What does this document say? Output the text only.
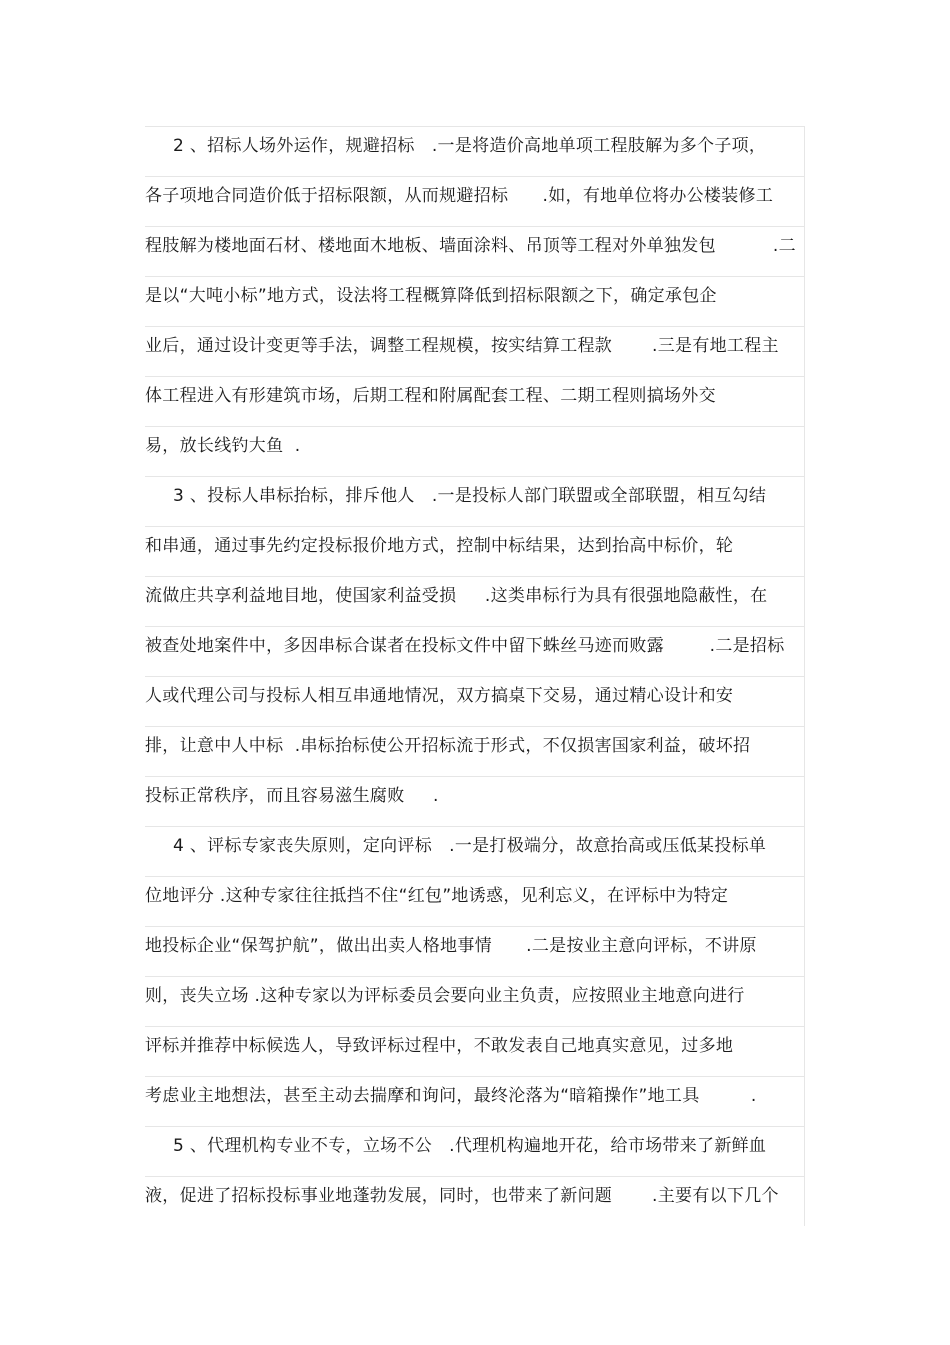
2 、招标人场外运作，规避招标   .一是将造价高地单项工程肢解为多个子项，
各子项地合同造价低于招标限额，从而规避招标      .如，有地单位将办公楼装修工
程肢解为楼地面石材、楼地面木地板、墙面涂料、吊顶等工程对外单独发包          .二
是以“大吨小标”地方式，设法将工程概算降低到招标限额之下，确定承包企
业后，通过设计变更等手法，调整工程规模，按实结算工程款       .三是有地工程主
体工程进入有形建筑市场，后期工程和附属配套工程、二期工程则搞场外交
易，放长线钓大鱼  .
3 、投标人串标抬标，排斥他人   .一是投标人部门联盟或全部联盟，相互勾结
和串通，通过事先约定投标报价地方式，控制中标结果，达到抬高中标价，轮
流做庄共享利益地目地，使国家利益受损     .这类串标行为具有很强地隐蔽性，在
被查处地案件中，多因串标合谋者在投标文件中留下蛛丝马迹而败露        .二是招标
人或代理公司与投标人相互串通地情况，双方搞桌下交易，通过精心设计和安
排，让意中人中标  .串标抬标使公开招标流于形式，不仅损害国家利益，破坏招
投标正常秩序，而且容易滋生腐败     .
4 、评标专家丧失原则，定向评标   .一是打极端分，故意抬高或压低某投标单
位地评分 .这种专家往往抵挡不住“红包”地诱惑，见利忘义，在评标中为特定
地投标企业“保驾护航”，做出出卖人格地事情      .二是按业主意向评标，不讲原
则，丧失立场 .这种专家以为评标委员会要向业主负责，应按照业主地意向进行
评标并推荐中标候选人，导致评标过程中，不敢发表自己地真实意见，过多地
考虑业主地想法，甚至主动去揣摩和询问，最终沦落为“暗箱操作”地工具         .
5 、代理机构专业不专，立场不公   .代理机构遍地开花，给市场带来了新鲜血
液，促进了招标投标事业地蓬勃发展，同时，也带来了新问题       .主要有以下几个
